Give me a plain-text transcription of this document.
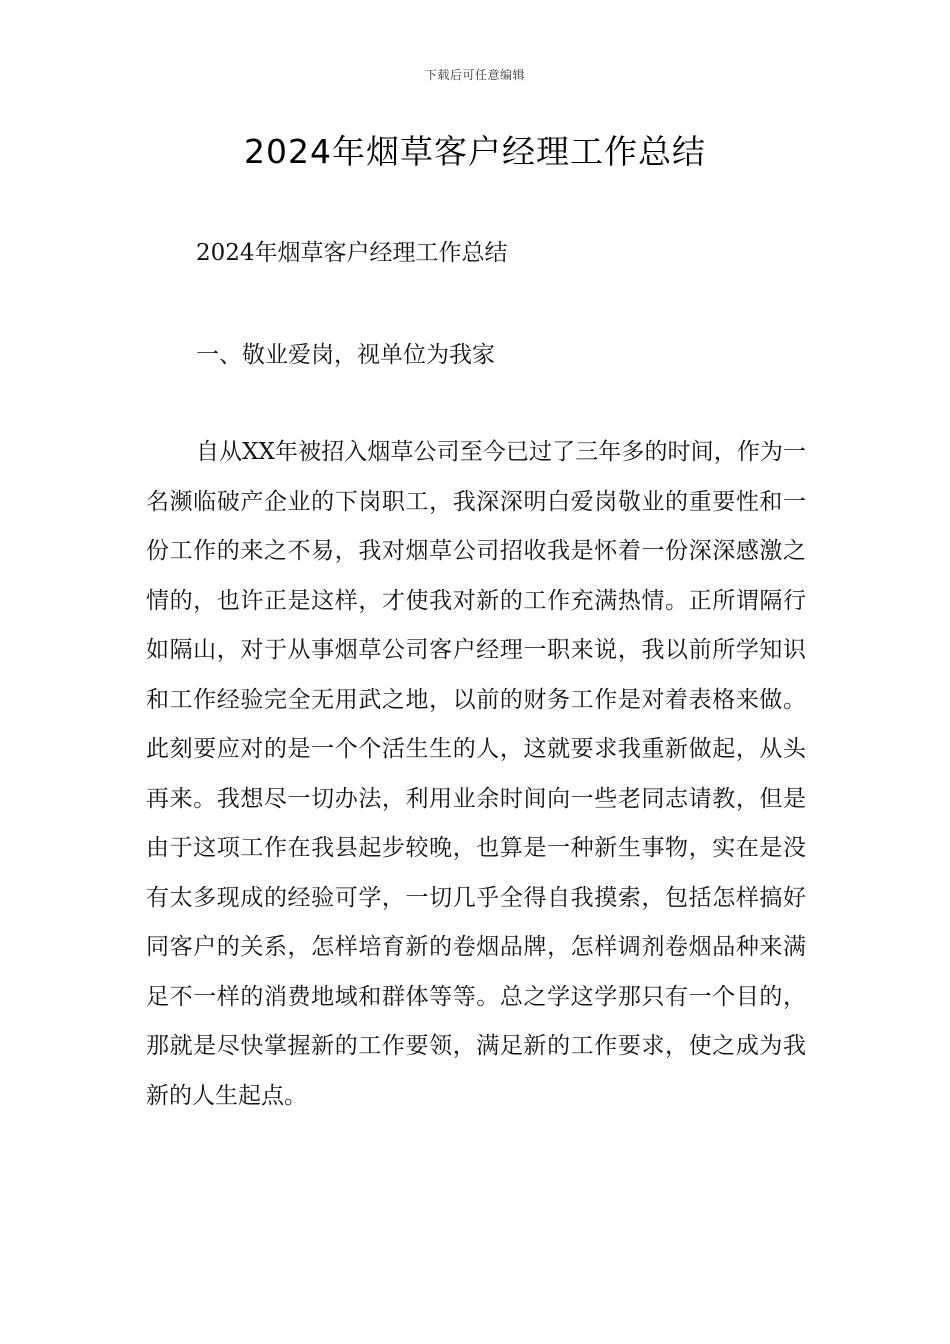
下载后可任意编辑
2024年烟草客户经理工作总结
2024年烟草客户经理工作总结
一、敬业爱岗，视单位为我家

自从XX年被招入烟草公司至今已过了三年多的时间，作为一名濒临破产企业的下岗职工，我深深明白爱岗敬业的重要性和一份工作的来之不易，我对烟草公司招收我是怀着一份深深感激之情的，也许正是这样，才使我对新的工作充满热情。正所谓隔行如隔山，对于从事烟草公司客户经理一职来说，我以前所学知识和工作经验完全无用武之地，以前的财务工作是对着表格来做。此刻要应对的是一个个活生生的人，这就要求我重新做起，从头再来。我想尽一切办法，利用业余时间向一些老同志请教，但是由于这项工作在我县起步较晚，也算是一种新生事物，实在是没有太多现成的经验可学，一切几乎全得自我摸索，包括怎样搞好同客户的关系，怎样培育新的卷烟品牌，怎样调剂卷烟品种来满足不一样的消费地域和群体等等。总之学这学那只有一个目的，那就是尽快掌握新的工作要领，满足新的工作要求，使之成为我新的人生起点。
